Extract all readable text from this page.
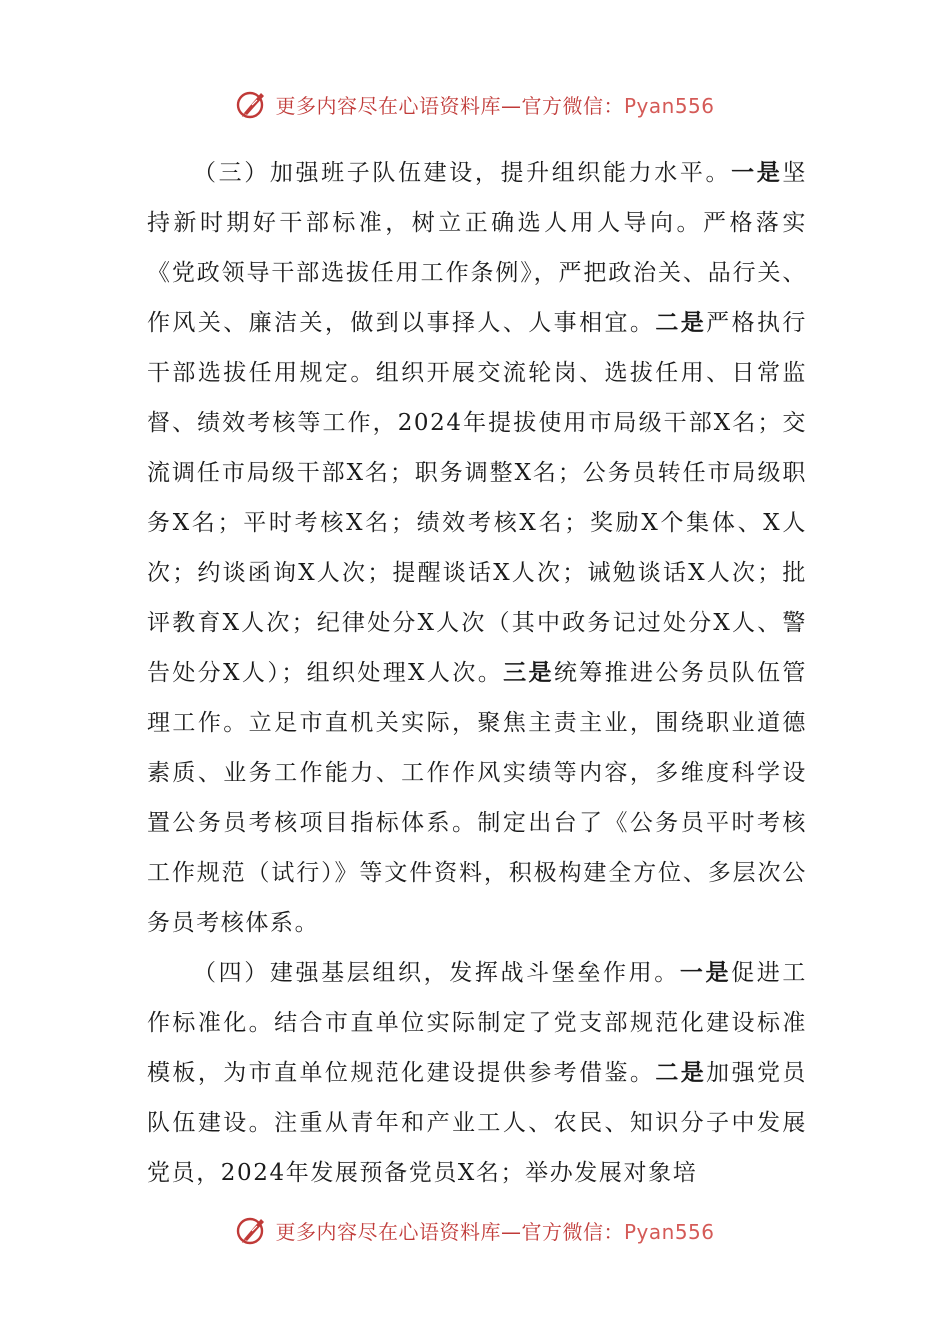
更多内容尽在心语资料库—官方微信：Pyan556

（三）加强班子队伍建设，提升组织能力水平。一是坚持新时期好干部标准，树立正确选人用人导向。严格落实《党政领导干部选拔任用工作条例》，严把政治关、品行关、作风关、廉洁关，做到以事择人、人事相宜。二是严格执行干部选拔任用规定。组织开展交流轮岗、选拔任用、日常监督、绩效考核等工作，2024年提拔使用市局级干部X名；交流调任市局级干部X名；职务调整X名；公务员转任市局级职务X名；平时考核X名；绩效考核X名；奖励X个集体、X人次；约谈函询X人次；提醒谈话X人次；诫勉谈话X人次；批评教育X人次；纪律处分X人次（其中政务记过处分X人、警告处分X人）；组织处理X人次。三是统筹推进公务员队伍管理工作。立足市直机关实际，聚焦主责主业，围绕职业道德素质、业务工作能力、工作作风实绩等内容，多维度科学设置公务员考核项目指标体系。制定出台了《公务员平时考核工作规范（试行）》等文件资料，积极构建全方位、多层次公务员考核体系。

（四）建强基层组织，发挥战斗堡垒作用。一是促进工作标准化。结合市直单位实际制定了党支部规范化建设标准模板，为市直单位规范化建设提供参考借鉴。二是加强党员队伍建设。注重从青年和产业工人、农民、知识分子中发展党员，2024年发展预备党员X名；举办发展对象培

更多内容尽在心语资料库—官方微信：Pyan556
